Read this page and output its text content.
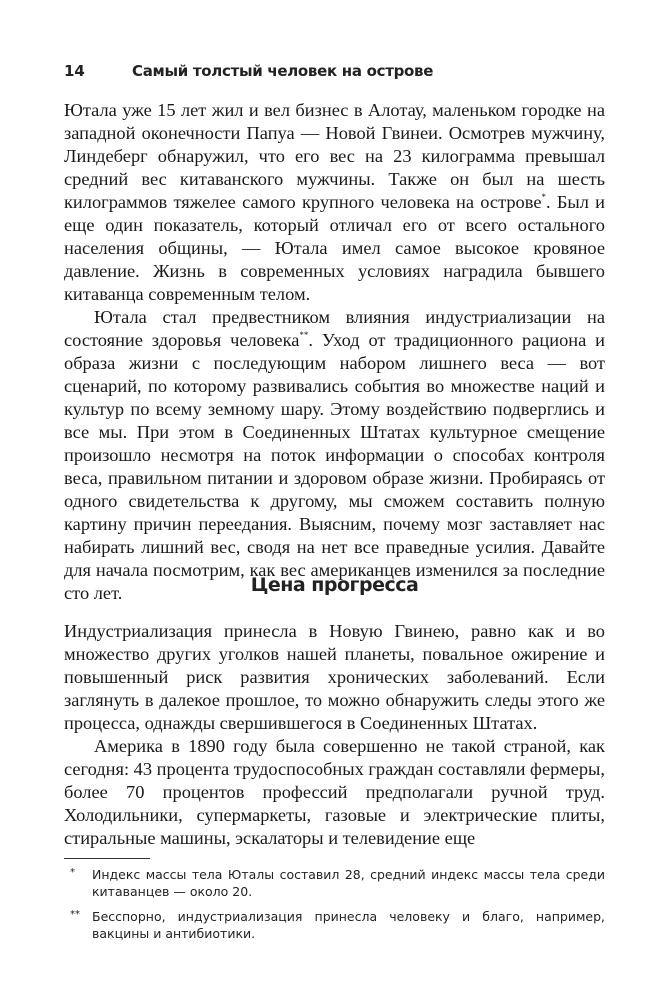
14	Самый толстый человек на острове

Ютала уже 15 лет жил и вел бизнес в Алотау, маленьком городке на западной оконечности Папуа — Новой Гвинеи. Осмотрев мужчину, Линдеберг обнаружил, что его вес на 23 килограмма превышал средний вес китаванского мужчины. Также он был на шесть килограммов тяжелее самого крупного человека на острове*. Был и еще один показатель, который отличал его от всего остального населения общины, — Ютала имел самое высокое кровяное давление. Жизнь в современных условиях наградила бывшего китаванца современным телом.

Ютала стал предвестником влияния индустриализации на состояние здоровья человека**. Уход от традиционного рациона и образа жизни с последующим набором лишнего веса — вот сценарий, по которому развивались события во множестве наций и культур по всему земному шару. Этому воздействию подверглись и все мы. При этом в Соединенных Штатах культурное смещение произошло несмотря на поток информации о способах контроля веса, правильном питании и здоровом образе жизни. Пробираясь от одного свидетельства к другому, мы сможем составить полную картину причин переедания. Выясним, почему мозг заставляет нас набирать лишний вес, сводя на нет все праведные усилия. Давайте для начала посмотрим, как вес американцев изменился за последние сто лет.	Цена прогресса

Индустриализация принесла в Новую Гвинею, равно как и во множество других уголков нашей планеты, повальное ожирение и повышенный риск развития хронических заболеваний. Если заглянуть в далекое прошлое, то можно обнаружить следы этого же процесса, однажды свершившегося в Соединенных Штатах.

Америка в 1890 году была совершенно не такой страной, как сегодня: 43 процента трудоспособных граждан составляли фермеры, более 70 процентов профессий предполагали ручной труд. Холодильники, супермаркеты, газовые и электрические плиты, стиральные машины, эскалаторы и телевидение еще

* Индекс массы тела Юталы составил 28, средний индекс массы тела среди китаванцев — около 20.
** Бесспорно, индустриализация принесла человеку и благо, например, вакцины и антибиотики.
